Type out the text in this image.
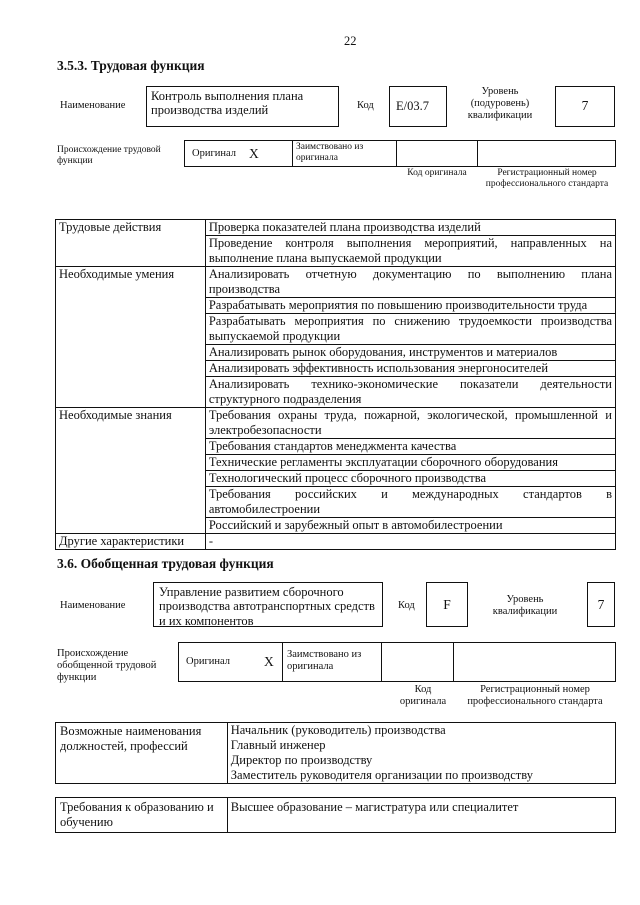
22
3.5.3. Трудовая функция
Наименование
Контроль выполнения плана производства изделий	Код E/03.7
Уровень (подуровень) квалификации
7
Происхождение трудовой функции
Оригинал X	Заимствовано из оригинала
Код оригинала	Регистрационный номер профессионального стандарта
Трудовые действия	Проверка показателей плана производства изделий
	Проведение контроля выполнения мероприятий, направленных на выполнение плана выпускаемой продукции
Необходимые умения	Анализировать отчетную документацию по выполнению плана производства
	Разрабатывать мероприятия по повышению производительности труда
	Разрабатывать мероприятия по снижению трудоемкости производства выпускаемой продукции
	Анализировать рынок оборудования, инструментов и материалов
	Анализировать эффективность использования энергоносителей
	Анализировать технико-экономические показатели деятельности структурного подразделения
Необходимые знания	Требования охраны труда, пожарной, экологической, промышленной и электробезопасности
	Требования стандартов менеджмента качества
	Технические регламенты эксплуатации сборочного оборудования
	Технологический процесс сборочного производства
	Требования российских и международных стандартов в автомобилестроении
	Российский и зарубежный опыт в автомобилестроении
Другие характеристики	-
3.6. Обобщенная трудовая функция
Наименование
Управление развитием сборочного производства автотранспортных средств и их компонентов
Код	F	Уровень квалификации	7
Происхождение обобщенной трудовой функции
Оригинал	X Заимствовано из оригинала
Код оригинала
Регистрационный номер профессионального стандарта
Возможные наименования должностей, профессий	Начальник (руководитель) производства
Главный инженер
Директор по производству
Заместитель руководителя организации по производству
Требования к образованию и обучению	Высшее образование – магистратура или специалитет
